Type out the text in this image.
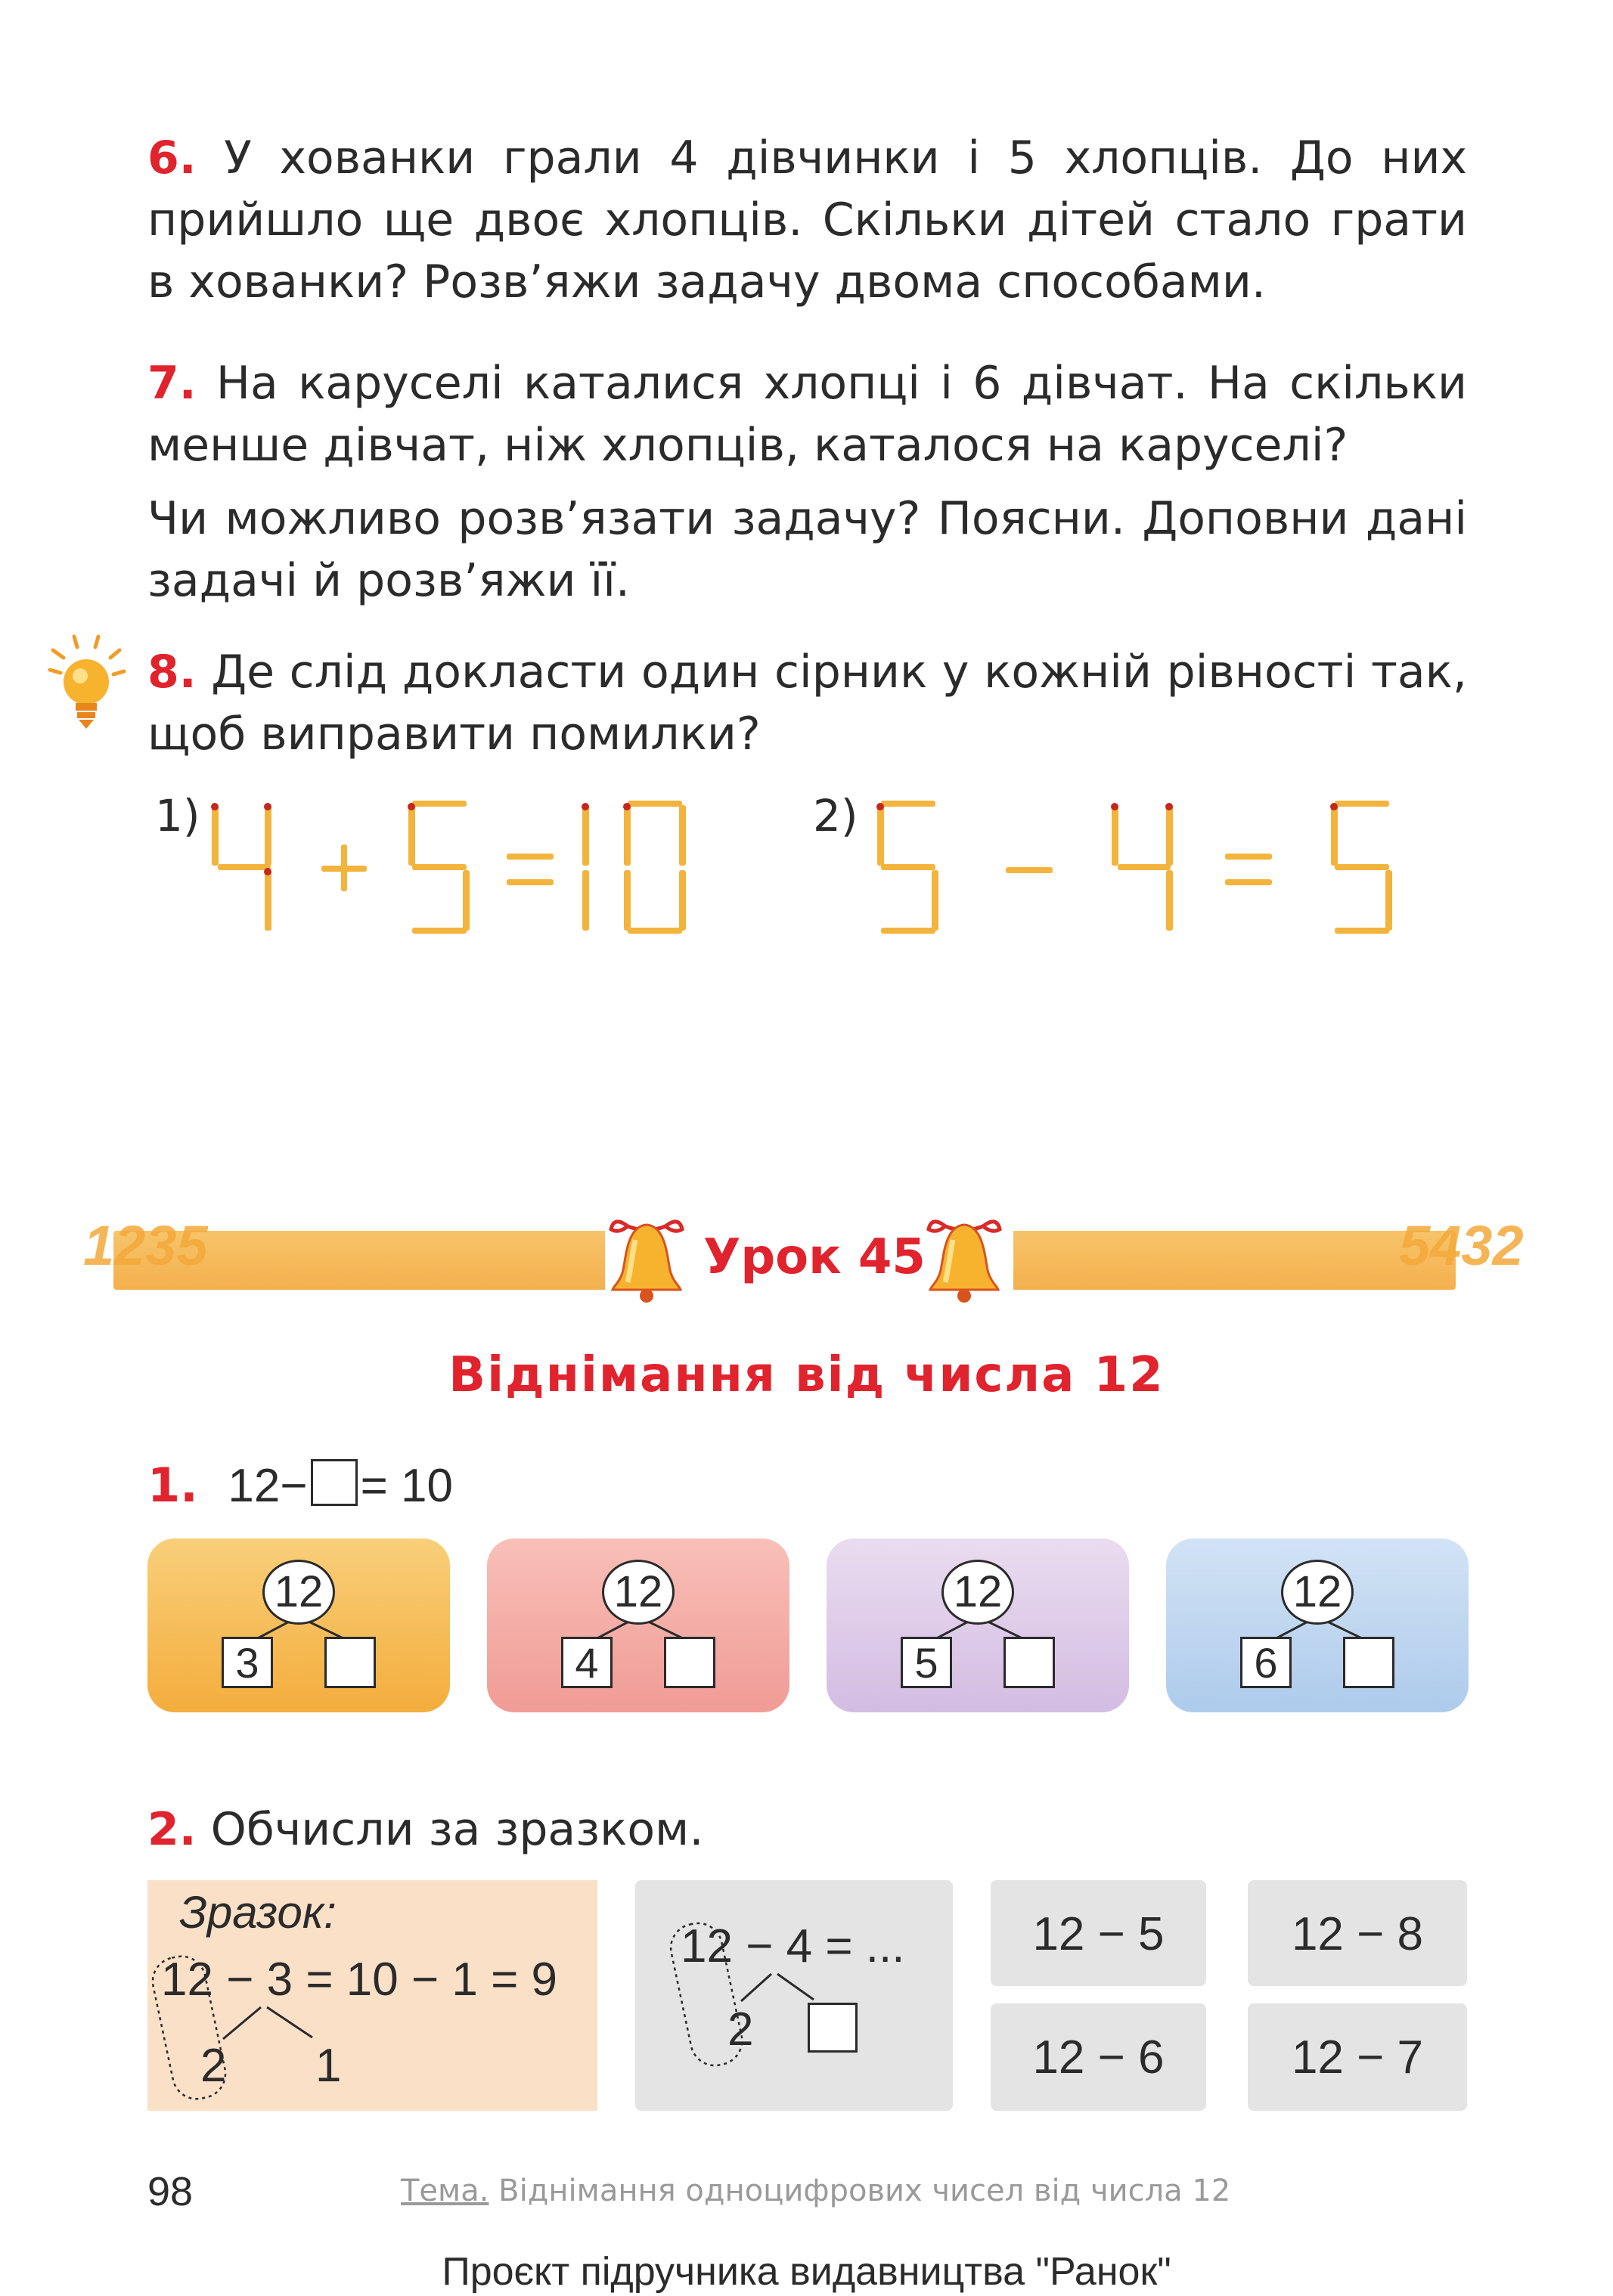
6. У хованки грали 4 дівчинки і 5 хлопців. До них прийшло ще двоє хлопців. Скільки дітей стало грати в хованки? Розв’яжи задачу двома способами.
7. На каруселі каталися хлопці і 6 дівчат. На скільки менше дівчат, ніж хлопців, каталося на каруселі?
Чи можливо розв’язати задачу? Поясни. Доповни дані задачі й розв’яжи її.
8. Де слід докласти один сірник у кожній рівності так, щоб виправити помилки?
1)	2)
1235	5432
Урок 45
Віднімання від числа 12
1. 12− = 10
12
3
12
4
12
5
12
6
2. Обчисли за зразком.
Зразок:
12 − 3 = 10 − 1 = 9
2 1
12 − 4 = ...
2
12 − 5	12 − 8
12 − 6	12 − 7
98	Тема. Віднімання одноцифрових чисел від числа 12
Проєкт підручника видавництва "Ранок"
